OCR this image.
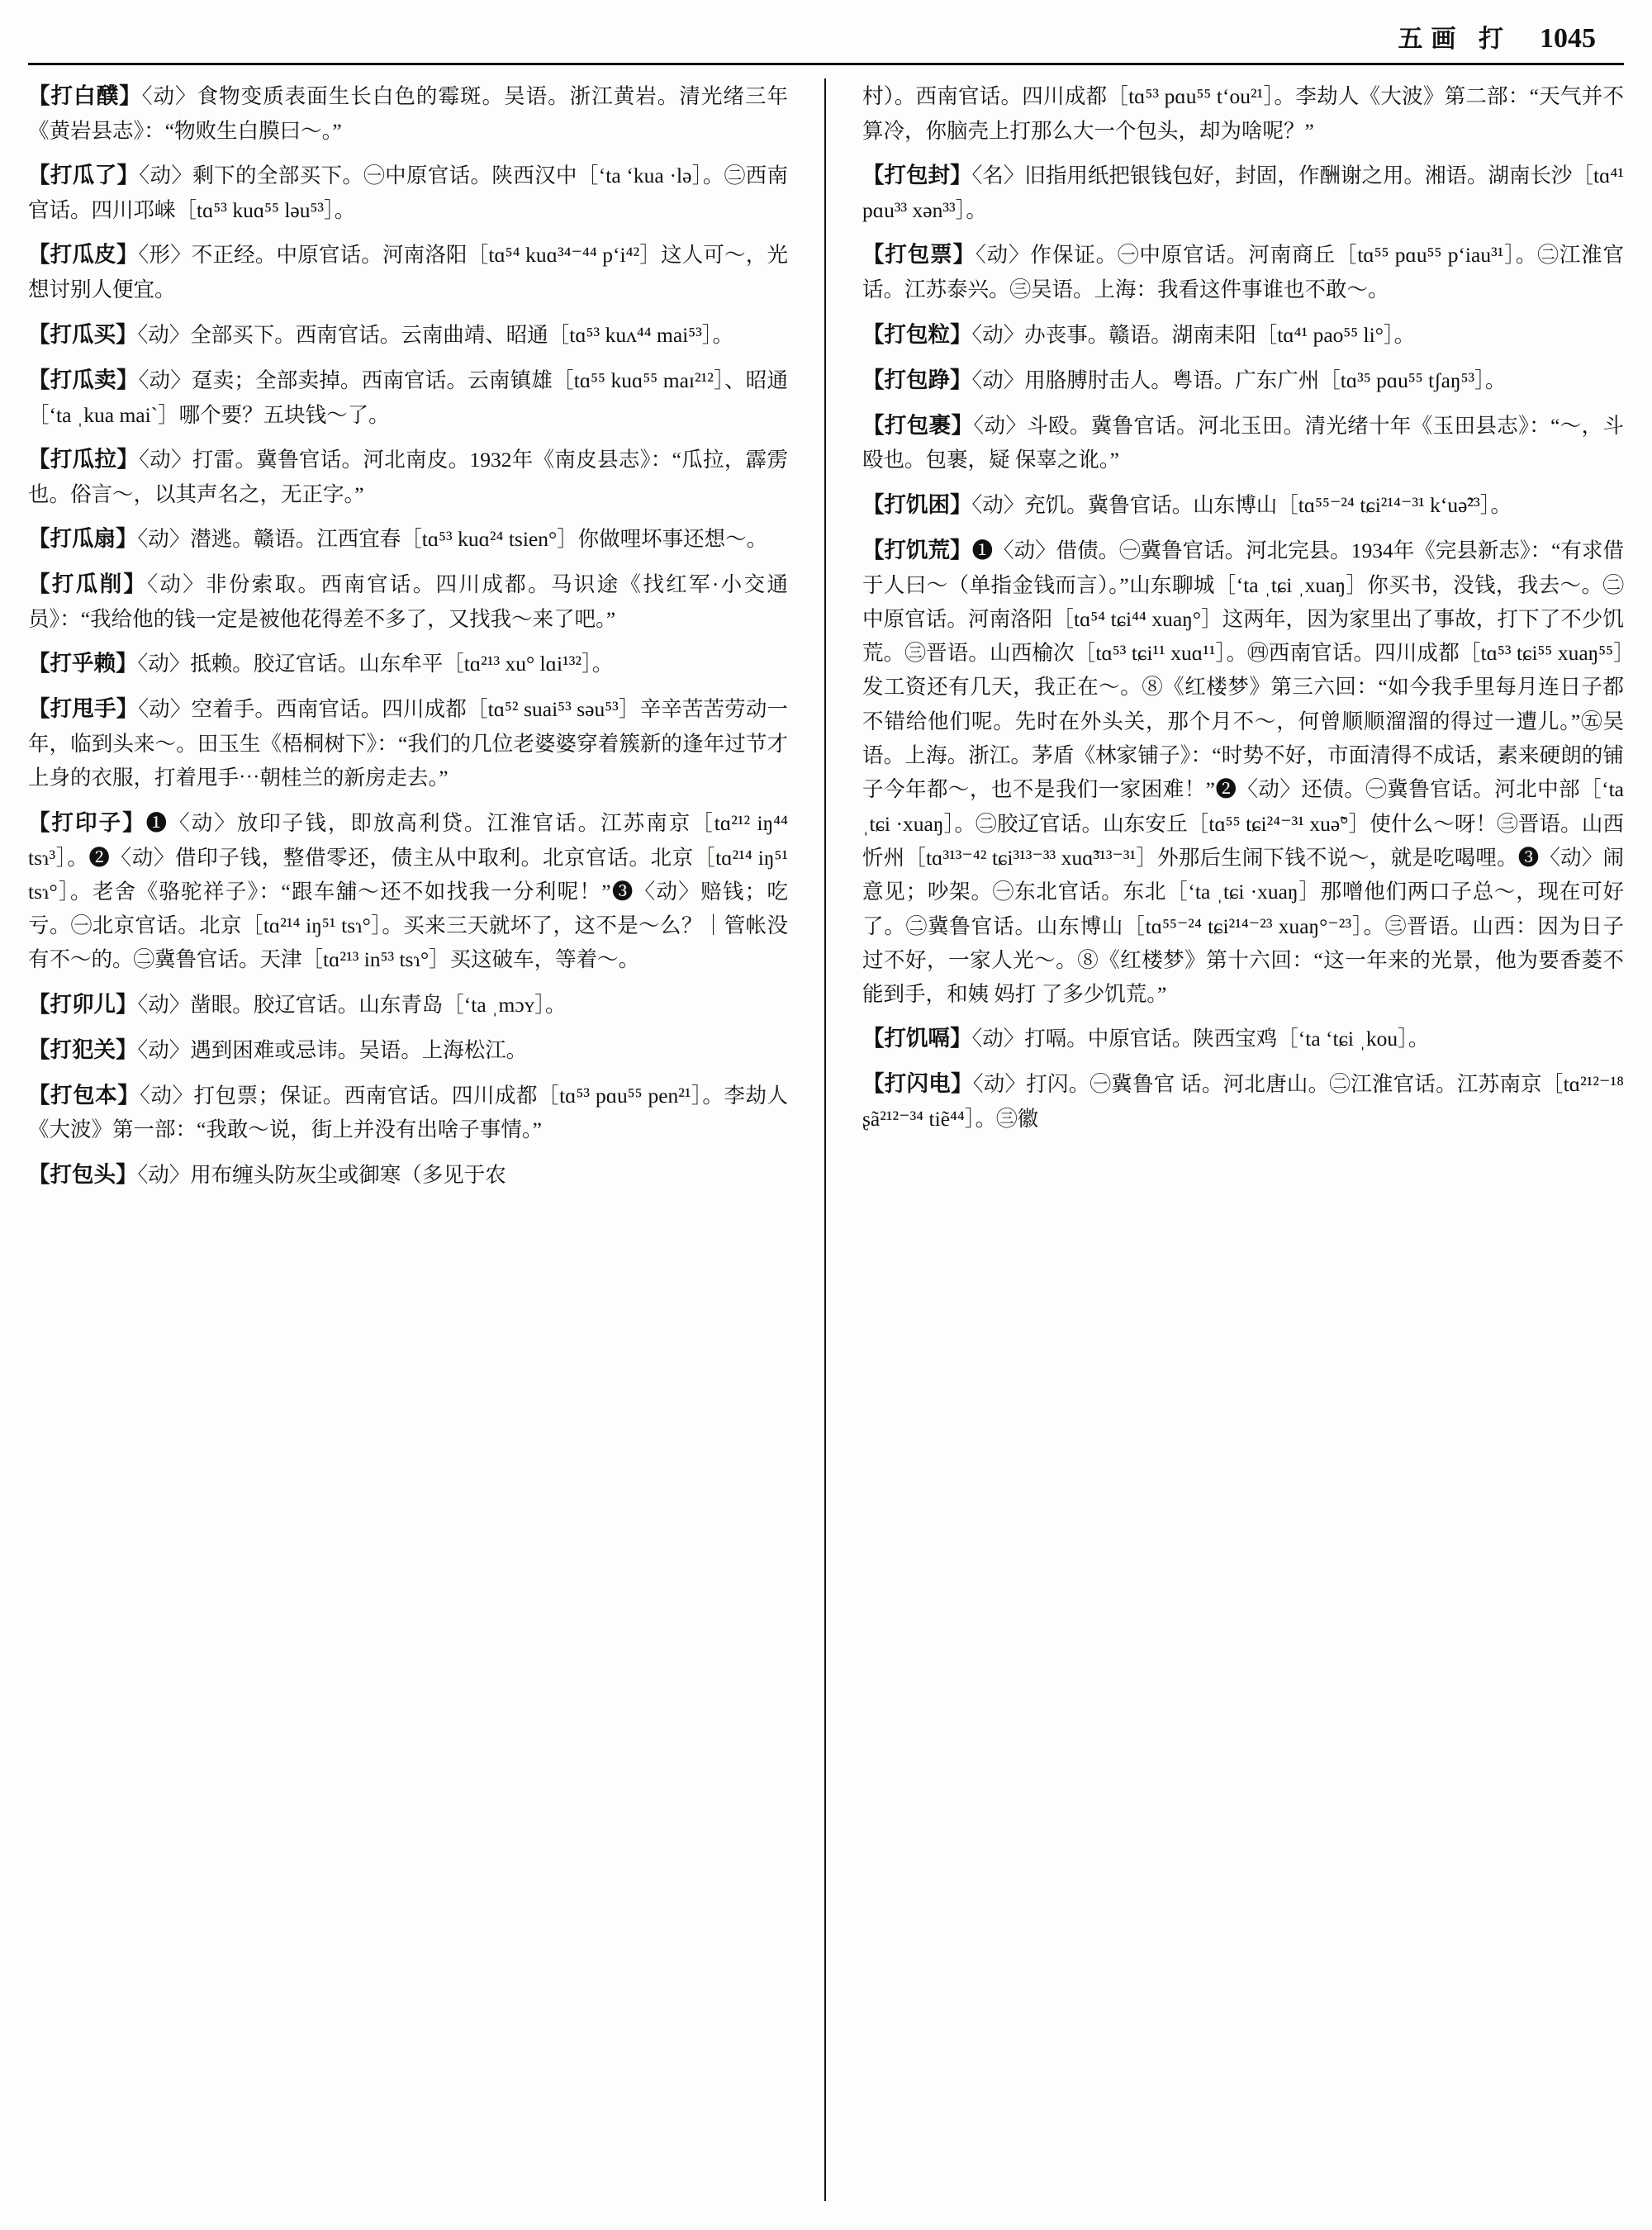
五画 打 1045
【打白醭】〈动〉食物变质表面生长白色的霉斑。吴语。浙江黄岩。清光绪三年《黄岩县志》：“物败生白膜曰～。”
【打瓜了】〈动〉剩下的全部买下。㊀中原官话。陕西汉中［ʻta ʻkua ·lə］。㊁西南官话。四川邛崃［tɑ⁵³ kuɑ⁵⁵ ləu⁵³］。
【打瓜皮】〈形〉不正经。中原官话。河南洛阳［tɑ⁵⁴ kuɑ³⁴⁻⁴⁴ pʻi⁴²］这人可～，光想讨别人便宜。
【打瓜买】〈动〉全部买下。西南官话。云南曲靖、昭通［tɑ⁵³ kuʌ⁴⁴ mai⁵³］。
【打瓜卖】〈动〉趸卖；全部卖掉。西南官话。云南镇雄［tɑ⁵⁵ kuɑ⁵⁵ maɪ²¹²］、昭通［ʻta ˌkua maiˋ］哪个要？五块钱～了。
【打瓜拉】〈动〉打雷。冀鲁官话。河北南皮。1932年《南皮县志》：“瓜拉，霹雳也。俗言～，以其声名之，无正字。”
【打瓜扇】〈动〉潜逃。赣语。江西宜春［tɑ⁵³ kuɑ²⁴ tsien°］你做哩坏事还想～。
【打瓜削】〈动〉非份索取。西南官话。四川成都。马识途《找红军·小交通员》：“我给他的钱一定是被他花得差不多了，又找我～来了吧。”
【打乎赖】〈动〉抵赖。胶辽官话。山东牟平［tɑ²¹³ xu° lɑi¹³²］。
【打甩手】〈动〉空着手。西南官话。四川成都［tɑ⁵² suai⁵³ səu⁵³］辛辛苦苦劳动一年，临到头来～。田玉生《梧桐树下》：“我们的几位老婆婆穿着簇新的逢年过节才上身的衣服，打着甩手⋯朝桂兰的新房走去。”
【打印子】❶〈动〉放印子钱，即放高利贷。江淮官话。江苏南京［tɑ²¹² iŋ⁴⁴ tsɿ³］。❷〈动〉借印子钱，整借零还，债主从中取利。北京官话。北京［tɑ²¹⁴ iŋ⁵¹ tsɿ°］。老舍《骆驼祥子》：“跟车舖～还不如找我一分利呢！”❸〈动〉赔钱；吃亏。㊀北京官话。北京［tɑ²¹⁴ iŋ⁵¹ tsɿ°］。买来三天就坏了，这不是～么？｜管帐没有不～的。㊁冀鲁官话。天津［tɑ²¹³ in⁵³ tsɿ°］买这破车，等着～。
【打卯儿】〈动〉凿眼。胶辽官话。山东青岛［ʻta ˌmɔʏ］。
【打犯关】〈动〉遇到困难或忌讳。吴语。上海松江。
【打包本】〈动〉打包票；保证。西南官话。四川成都［tɑ⁵³ pɑu⁵⁵ pen²¹］。李劫人《大波》第一部：“我敢～说，街上并没有出啥子事情。”
【打包头】〈动〉用布缠头防灰尘或御寒（多见于农
村）。西南官话。四川成都［tɑ⁵³ pɑu⁵⁵ tʻou²¹］。李劫人《大波》第二部：“天气并不算冷，你脑壳上打那么大一个包头，却为啥呢？”
【打包封】〈名〉旧指用纸把银钱包好，封固，作酬谢之用。湘语。湖南长沙［tɑ⁴¹ pɑu³³ xən³³］。
【打包票】〈动〉作保证。㊀中原官话。河南商丘［tɑ⁵⁵ pɑu⁵⁵ pʻiau³¹］。㊁江淮官话。江苏泰兴。㊂吴语。上海：我看这件事谁也不敢～。
【打包粒】〈动〉办丧事。赣语。湖南耒阳［tɑ⁴¹ pao⁵⁵ li°］。
【打包踭】〈动〉用胳膊肘击人。粤语。广东广州［tɑ³⁵ pɑu⁵⁵ tʃaŋ⁵³］。
【打包裹】〈动〉斗殴。冀鲁官话。河北玉田。清光绪十年《玉田县志》：“～，斗殴也。包裹，疑 保辜之讹。”
【打饥困】〈动〉充饥。冀鲁官话。山东博山［tɑ⁵⁵⁻²⁴ tɕi²¹⁴⁻³¹ kʻuə̃²³］。
【打饥荒】❶〈动〉借债。㊀冀鲁官话。河北完县。1934年《完县新志》：“有求借于人曰～（单指金钱而言）。”山东聊城［ʻta ˌtɕi ˌxuaŋ］你买书，没钱，我去～。㊁中原官话。河南洛阳［tɑ⁵⁴ tɕi⁴⁴ xuaŋ°］这两年，因为家里出了事故，打下了不少饥荒。㊂晋语。山西榆次［tɑ⁵³ tɕi¹¹ xuɑ¹¹］。㊃西南官话。四川成都［tɑ⁵³ tɕi⁵⁵ xuaŋ⁵⁵］发工资还有几天，我正在～。⑧《红楼梦》第三六回：“如今我手里每月连日子都不错给他们呢。先时在外头关，那个月不～，何曾顺顺溜溜的得过一遭儿。”㊄吴语。上海。浙江。茅盾《林家铺子》：“时势不好，市面清得不成话，素来硬朗的铺子今年都～，也不是我们一家困难！”❷〈动〉还债。㊀冀鲁官话。河北中部［ʻta ˌtɕi ·xuaŋ］。㊁胶辽官话。山东安丘［tɑ⁵⁵ tɕi²⁴⁻³¹ xuə̃°］使什么～呀！㊂晋语。山西忻州［tɑ³¹³⁻⁴² tɕi³¹³⁻³³ xuɑ̃³¹³⁻³¹］外那后生闹下钱不说～，就是吃喝哩。❸〈动〉闹意见；吵架。㊀东北官话。东北［ʻta ˌtɕi ·xuaŋ］那噌他们两口子总～，现在可好了。㊁冀鲁官话。山东博山［tɑ⁵⁵⁻²⁴ tɕi²¹⁴⁻²³ xuaŋ°⁻²³］。㊂晋语。山西：因为日子过不好，一家人光～。⑧《红楼梦》第十六回：“这一年来的光景，他为要香菱不能到手，和姨 妈打 了多少饥荒。”
【打饥嗝】〈动〉打嗝。中原官话。陕西宝鸡［ʻta ʻtɕi ˌkou］。
【打闪电】〈动〉打闪。㊀冀鲁官 话。河北唐山。㊁江淮官话。江苏南京［tɑ²¹²⁻¹⁸ ʂã²¹²⁻³⁴ tiẽ⁴⁴］。㊂徽
